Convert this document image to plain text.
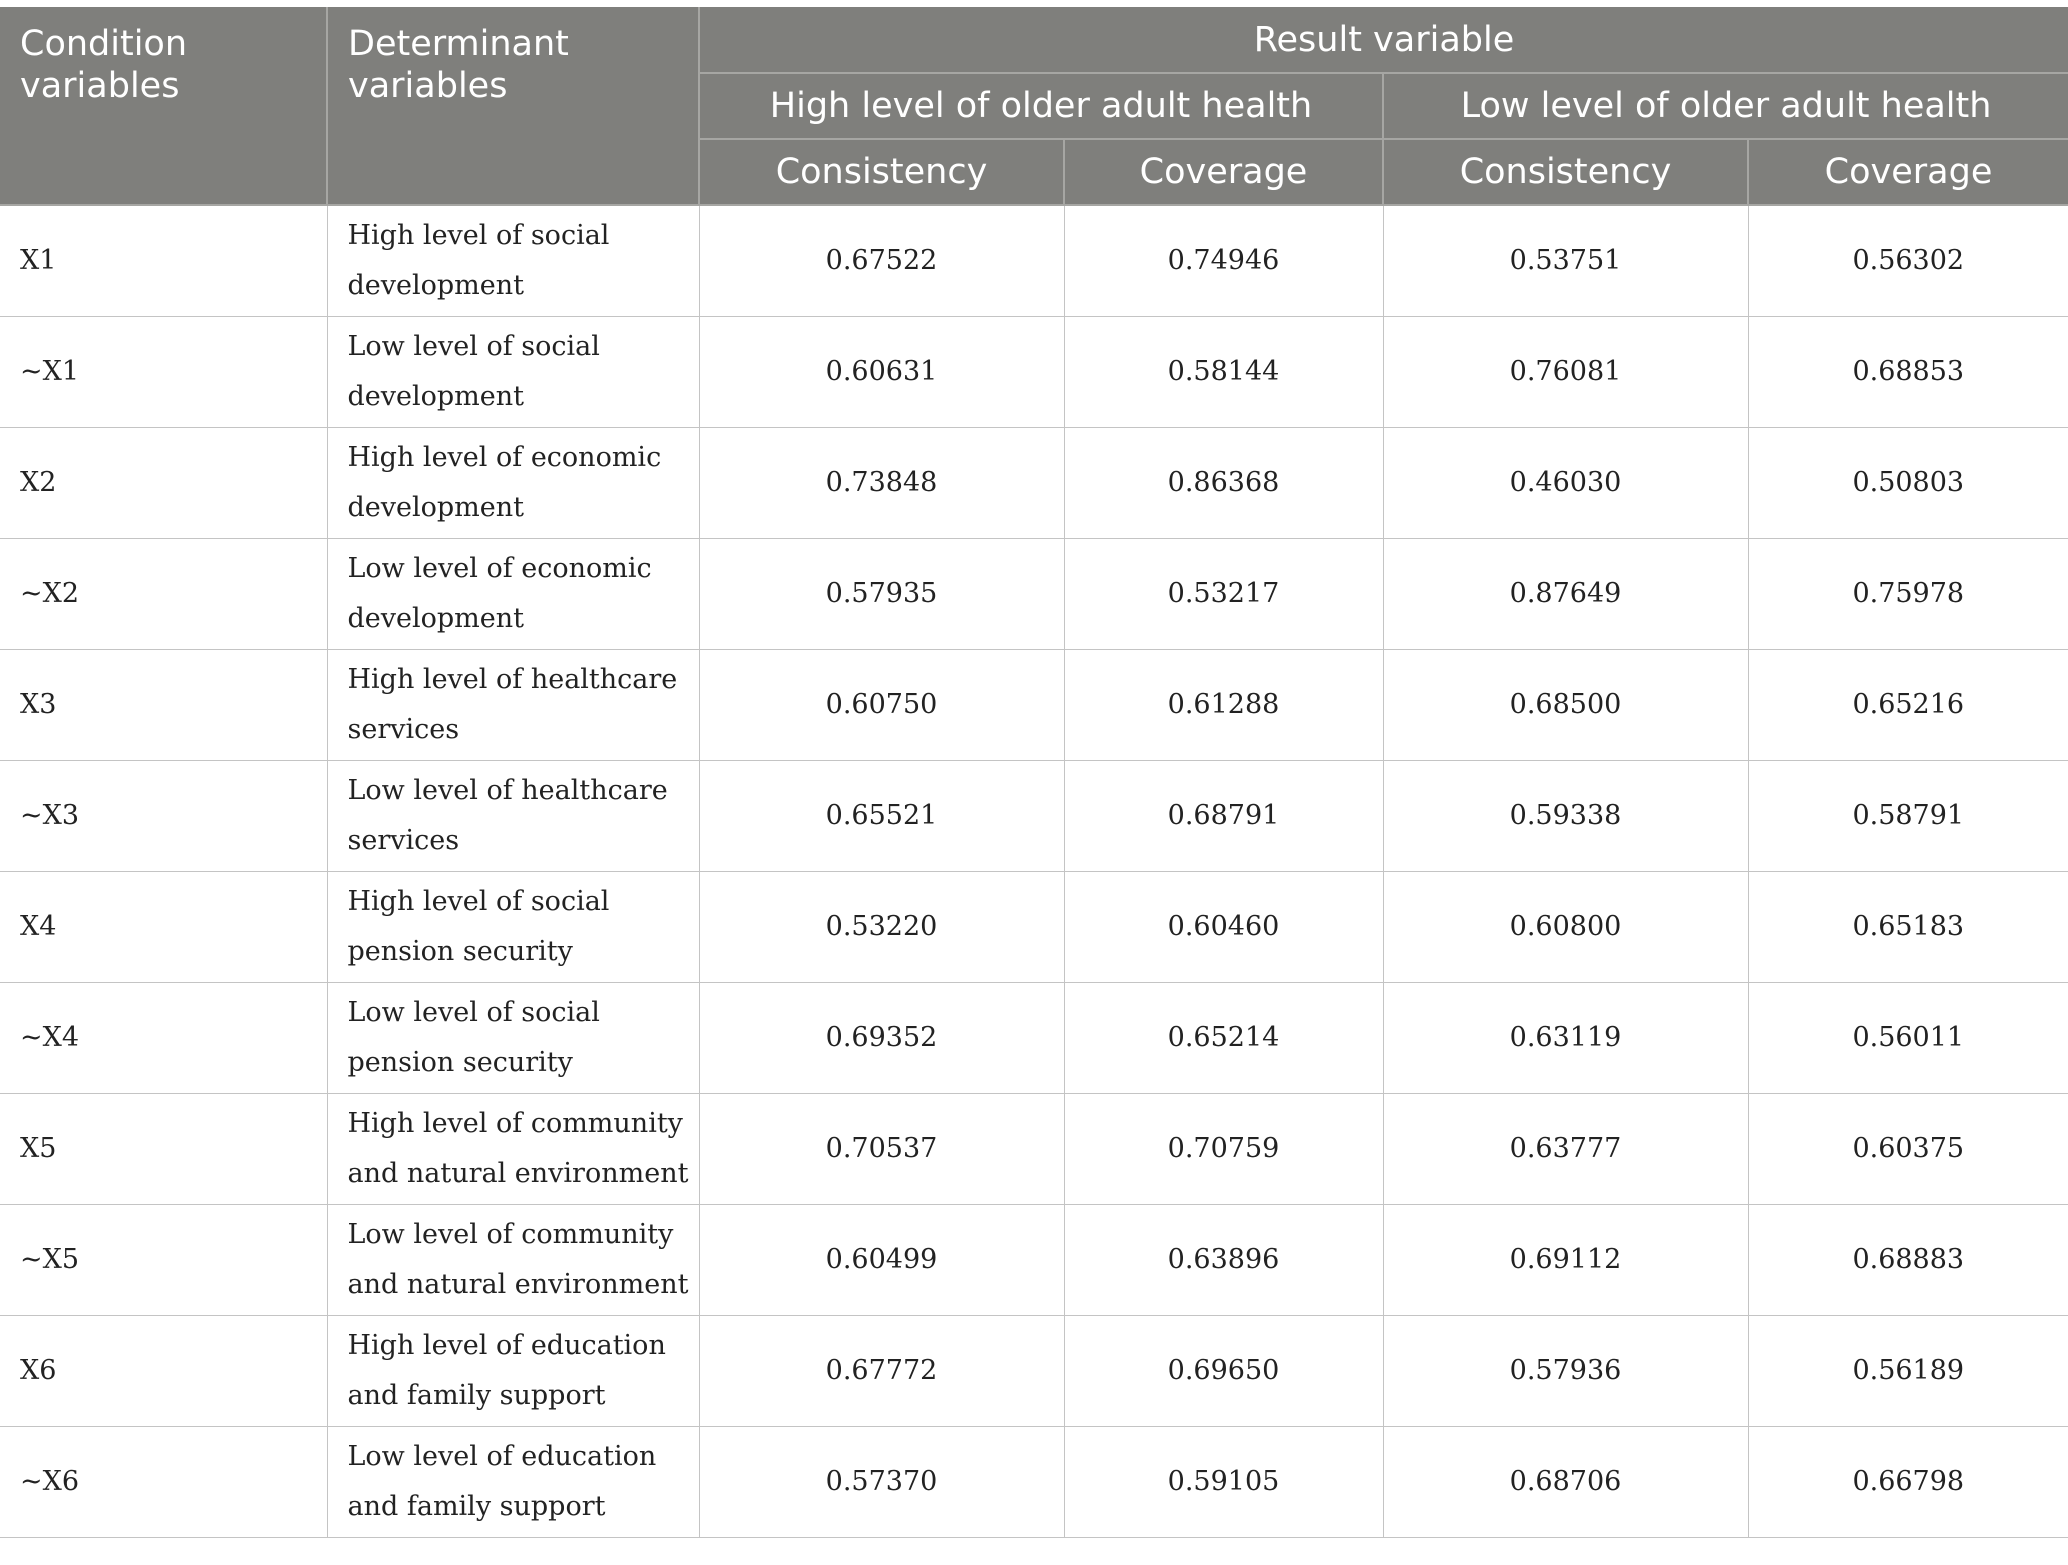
Condition variables	Determinant variables	Result variable			
		High level of older adult health		Low level of older adult health	
		Consistency	Coverage	Consistency	Coverage
X1	High level of social development	0.67522	0.74946	0.53751	0.56302
~X1	Low level of social development	0.60631	0.58144	0.76081	0.68853
X2	High level of economic development	0.73848	0.86368	0.46030	0.50803
~X2	Low level of economic development	0.57935	0.53217	0.87649	0.75978
X3	High level of healthcare services	0.60750	0.61288	0.68500	0.65216
~X3	Low level of healthcare services	0.65521	0.68791	0.59338	0.58791
X4	High level of social pension security	0.53220	0.60460	0.60800	0.65183
~X4	Low level of social pension security	0.69352	0.65214	0.63119	0.56011
X5	High level of community and natural environment	0.70537	0.70759	0.63777	0.60375
~X5	Low level of community and natural environment	0.60499	0.63896	0.69112	0.68883
X6	High level of education and family support	0.67772	0.69650	0.57936	0.56189
~X6	Low level of education and family support	0.57370	0.59105	0.68706	0.66798
